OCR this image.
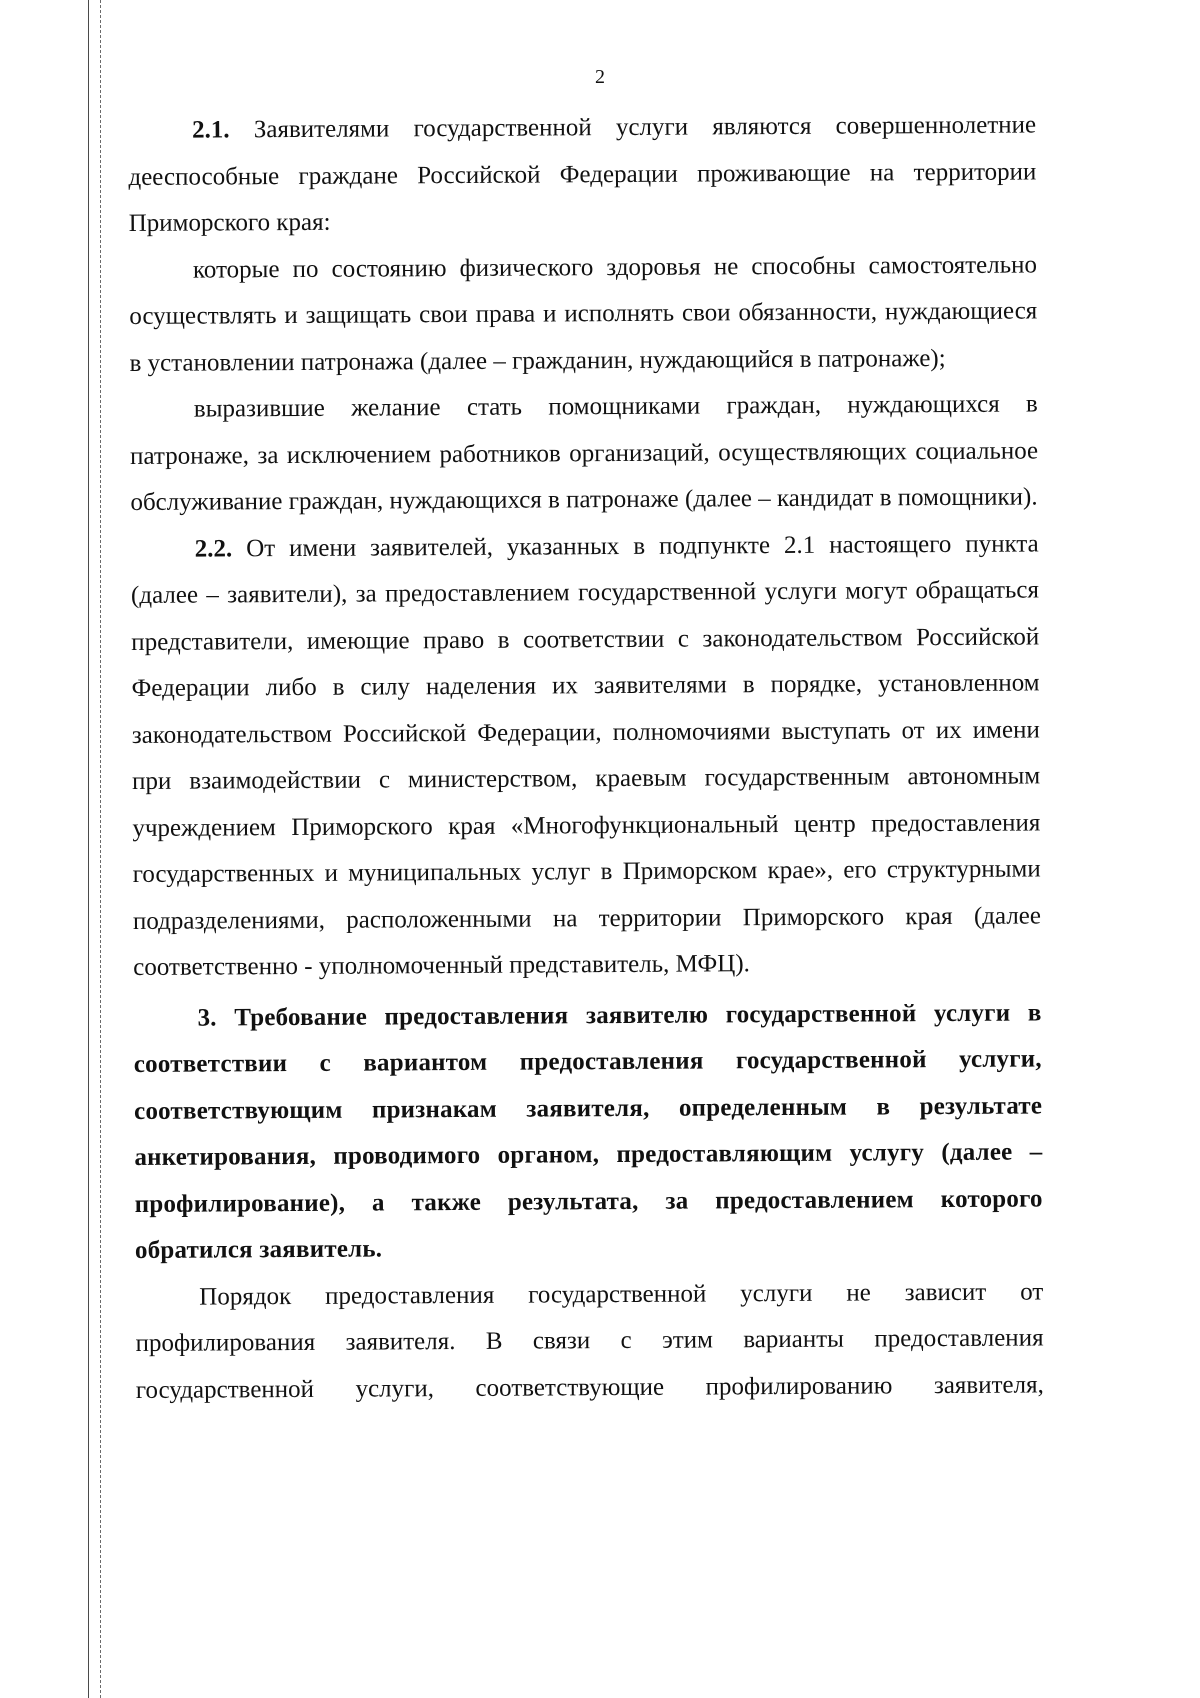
2

2.1. Заявителями государственной услуги являются совершеннолетние дееспособные граждане Российской Федерации проживающие на территории Приморского края:

которые по состоянию физического здоровья не способны самостоятельно осуществлять и защищать свои права и исполнять свои обязанности, нуждающиеся в установлении патронажа (далее – гражданин, нуждающийся в патронаже);

выразившие желание стать помощниками граждан, нуждающихся в патронаже, за исключением работников организаций, осуществляющих социальное обслуживание граждан, нуждающихся в патронаже (далее – кандидат в помощники).

2.2. От имени заявителей, указанных в подпункте 2.1 настоящего пункта (далее – заявители), за предоставлением государственной услуги могут обращаться представители, имеющие право в соответствии с законодательством Российской Федерации либо в силу наделения их заявителями в порядке, установленном законодательством Российской Федерации, полномочиями выступать от их имени при взаимодействии с министерством, краевым государственным автономным учреждением Приморского края «Многофункциональный центр предоставления государственных и муниципальных услуг в Приморском крае», его структурными подразделениями, расположенными на территории Приморского края (далее соответственно - уполномоченный представитель, МФЦ).

3. Требование предоставления заявителю государственной услуги в соответствии с вариантом предоставления государственной услуги, соответствующим признакам заявителя, определенным в результате анкетирования, проводимого органом, предоставляющим услугу (далее – профилирование), а также результата, за предоставлением которого обратился заявитель.

Порядок предоставления государственной услуги не зависит от профилирования заявителя. В связи с этим варианты предоставления государственной услуги, соответствующие профилированию заявителя,
